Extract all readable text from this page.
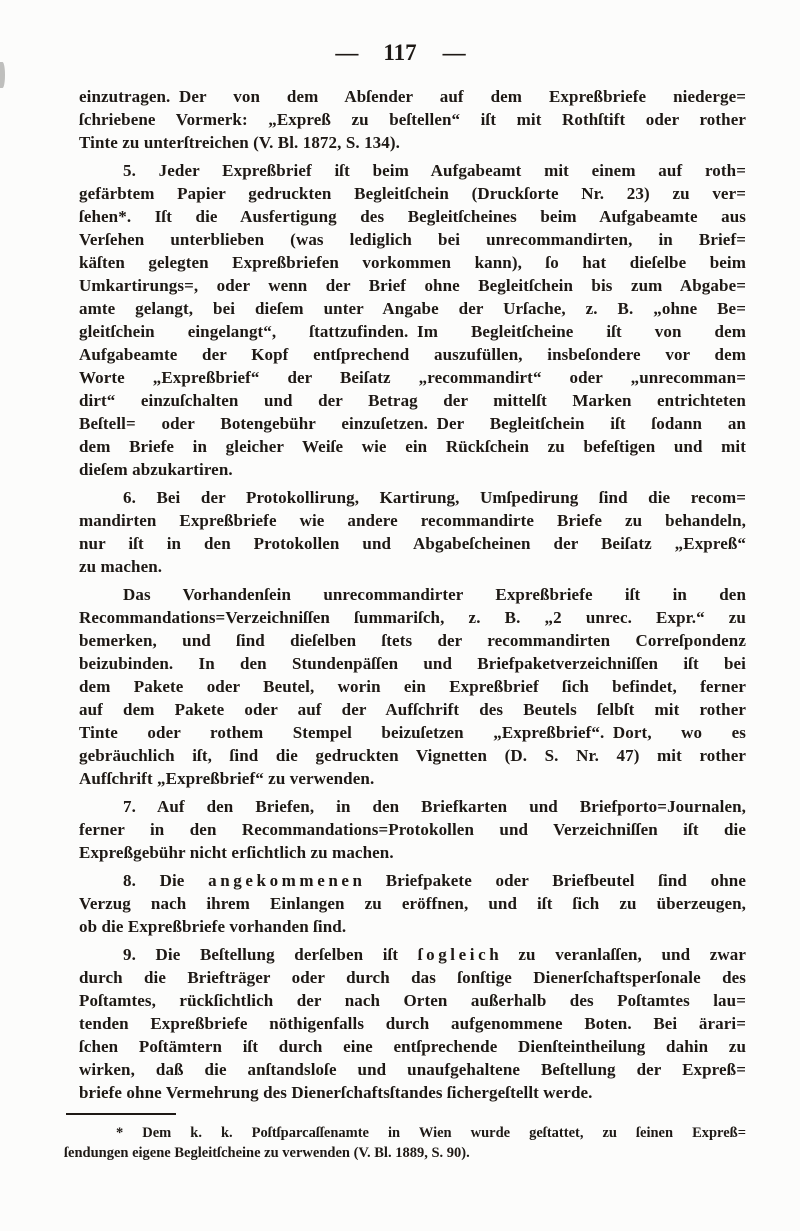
— 117 —
einzutragen. Der von dem Abſender auf dem Expreßbriefe niederge=
ſchriebene Vormerk: „Expreß zu beſtellen“ iſt mit Rothſtift oder rother
Tinte zu unterſtreichen (V. Bl. 1872, S. 134).
5. Jeder Expreßbrief iſt beim Aufgabeamt mit einem auf roth=
gefärbtem Papier gedruckten Begleitſchein (Druckſorte Nr. 23) zu ver=
ſehen*. Iſt die Ausfertigung des Begleitſcheines beim Aufgabeamte aus
Verſehen unterblieben (was lediglich bei unrecommandirten, in Brief=
käſten gelegten Expreßbriefen vorkommen kann), ſo hat dieſelbe beim
Umkartirungs=, oder wenn der Brief ohne Begleitſchein bis zum Abgabe=
amte gelangt, bei dieſem unter Angabe der Urſache, z. B. „ohne Be=
gleitſchein eingelangt“, ſtattzufinden. Im Begleitſcheine iſt von dem
Aufgabeamte der Kopf entſprechend auszufüllen, insbeſondere vor dem
Worte „Expreßbrief“ der Beiſatz „recommandirt“ oder „unrecomman=
dirt“ einzuſchalten und der Betrag der mittelſt Marken entrichteten
Beſtell= oder Botengebühr einzuſetzen. Der Begleitſchein iſt ſodann an
dem Briefe in gleicher Weiſe wie ein Rückſchein zu befeſtigen und mit
dieſem abzukartiren.
6. Bei der Protokollirung, Kartirung, Umſpedirung ſind die recom=
mandirten Expreßbriefe wie andere recommandirte Briefe zu behandeln,
nur iſt in den Protokollen und Abgabeſcheinen der Beiſatz „Expreß“
zu machen.
Das Vorhandenſein unrecommandirter Expreßbriefe iſt in den
Recommandations=Verzeichniſſen ſummariſch, z. B. „2 unrec. Expr.“ zu
bemerken, und ſind dieſelben ſtets der recommandirten Correſpondenz
beizubinden. In den Stundenpäſſen und Briefpaketverzeichniſſen iſt bei
dem Pakete oder Beutel, worin ein Expreßbrief ſich befindet, ferner
auf dem Pakete oder auf der Aufſchrift des Beutels ſelbſt mit rother
Tinte oder rothem Stempel beizuſetzen „Expreßbrief“. Dort, wo es
gebräuchlich iſt, ſind die gedruckten Vignetten (D. S. Nr. 47) mit rother
Aufſchrift „Expreßbrief“ zu verwenden.
7. Auf den Briefen, in den Briefkarten und Briefporto=Journalen,
ferner in den Recommandations=Protokollen und Verzeichniſſen iſt die
Expreßgebühr nicht erſichtlich zu machen.
8. Die a n g e k o m m e n e n Briefpakete oder Briefbeutel ſind ohne
Verzug nach ihrem Einlangen zu eröffnen, und iſt ſich zu überzeugen,
ob die Expreßbriefe vorhanden ſind.
9. Die Beſtellung derſelben iſt ſ o g l e i c h zu veranlaſſen, und zwar
durch die Briefträger oder durch das ſonſtige Dienerſchaftsperſonale des
Poſtamtes, rückſichtlich der nach Orten außerhalb des Poſtamtes lau=
tenden Expreßbriefe nöthigenfalls durch aufgenommene Boten. Bei ärari=
ſchen Poſtämtern iſt durch eine entſprechende Dienſteintheilung dahin zu
wirken, daß die anſtandsloſe und unaufgehaltene Beſtellung der Expreß=
briefe ohne Vermehrung des Dienerſchaftsſtandes ſichergeſtellt werde.
* Dem k. k. Poſtſparcaſſenamte in Wien wurde geſtattet, zu ſeinen Expreß=
ſendungen eigene Begleitſcheine zu verwenden (V. Bl. 1889, S. 90).
